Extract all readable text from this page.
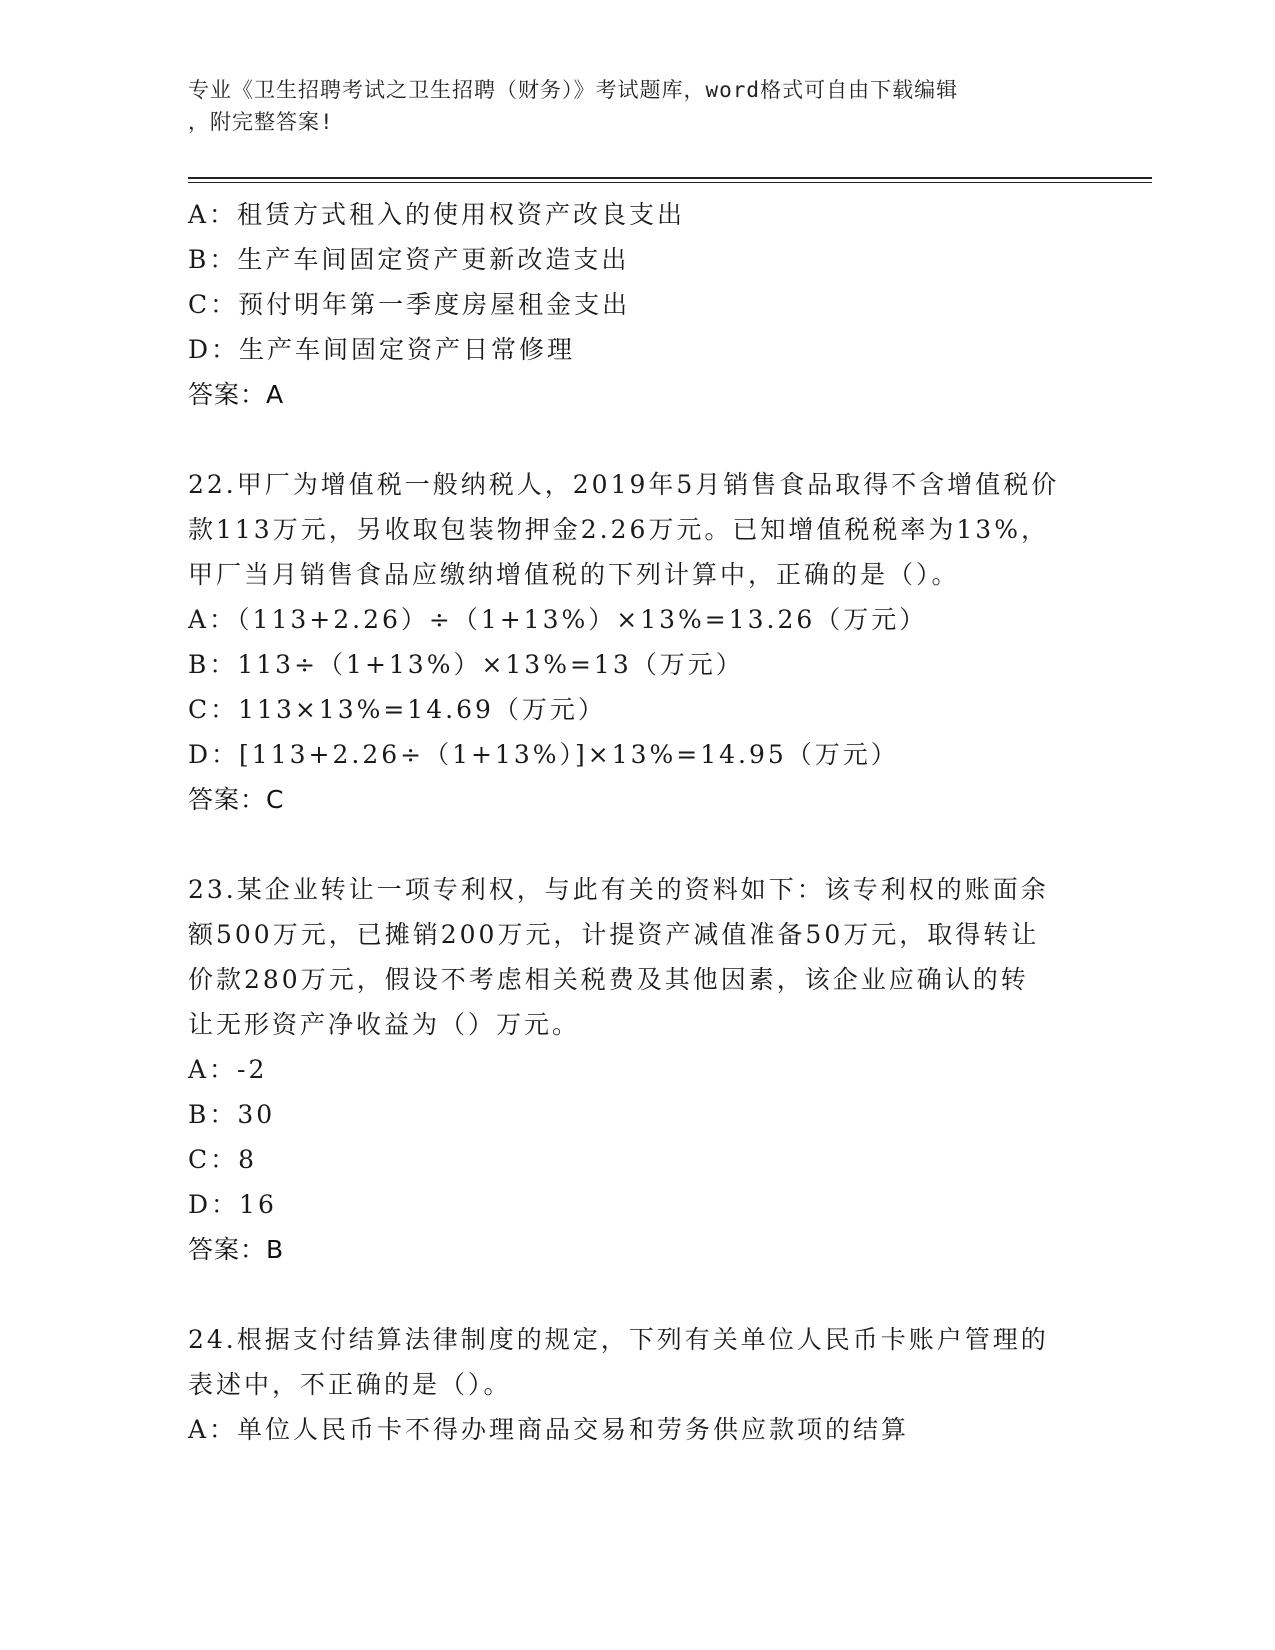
专业《卫生招聘考试之卫生招聘（财务）》考试题库，word格式可自由下载编辑
，附完整答案!
A：租赁方式租入的使用权资产改良支出
B：生产车间固定资产更新改造支出
C：预付明年第一季度房屋租金支出
D：生产车间固定资产日常修理
答案：A
22.甲厂为增值税一般纳税人，2019年5月销售食品取得不含增值税价
款113万元，另收取包装物押金2.26万元。已知增值税税率为13%，
甲厂当月销售食品应缴纳增值税的下列计算中，正确的是（）。
A：（113+2.26）÷（1+13%）×13%=13.26（万元）
B：113÷（1+13%）×13%=13（万元）
C：113×13%=14.69（万元）
D：[113+2.26÷（1+13%）]×13%=14.95（万元）
答案：C
23.某企业转让一项专利权，与此有关的资料如下：该专利权的账面余
额500万元，已摊销200万元，计提资产减值准备50万元，取得转让
价款280万元，假设不考虑相关税费及其他因素，该企业应确认的转
让无形资产净收益为（）万元。
A：-2
B：30
C：8
D：16
答案：B
24.根据支付结算法律制度的规定，下列有关单位人民币卡账户管理的
表述中，不正确的是（）。
A：单位人民币卡不得办理商品交易和劳务供应款项的结算
